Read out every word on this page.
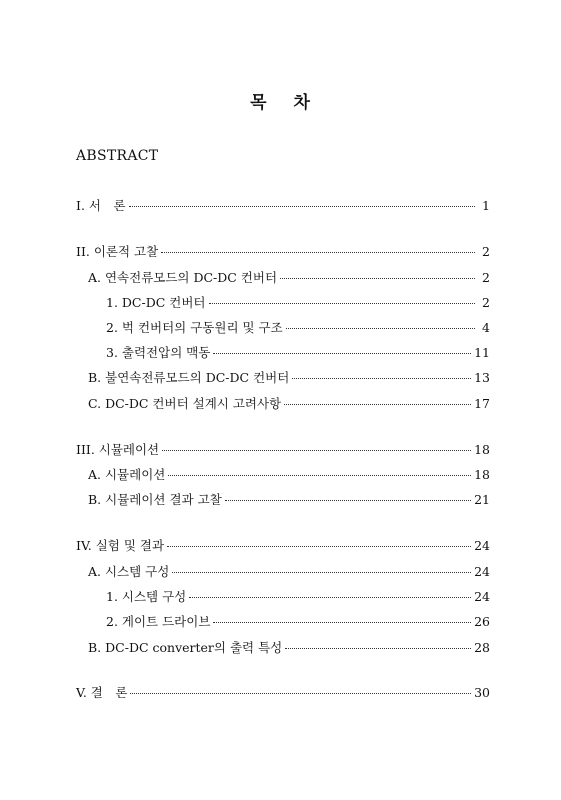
목 차
ABSTRACT
I. 서　론	1
II. 이론적 고찰	2
A. 연속전류모드의 DC-DC 컨버터	2
1. DC-DC 컨버터	2
2. 벅 컨버터의 구동원리 및 구조	4
3. 출력전압의 맥동	11
B. 불연속전류모드의 DC-DC 컨버터	13
C. DC-DC 컨버터 설계시 고려사항	17
III. 시뮬레이션	18
A. 시뮬레이션	18
B. 시뮬레이션 결과 고찰	21
IV. 실험 및 결과	24
A. 시스템 구성	24
1. 시스템 구성	24
2. 게이트 드라이브	26
B. DC-DC converter의 출력 특성	28
V. 결　론	30
